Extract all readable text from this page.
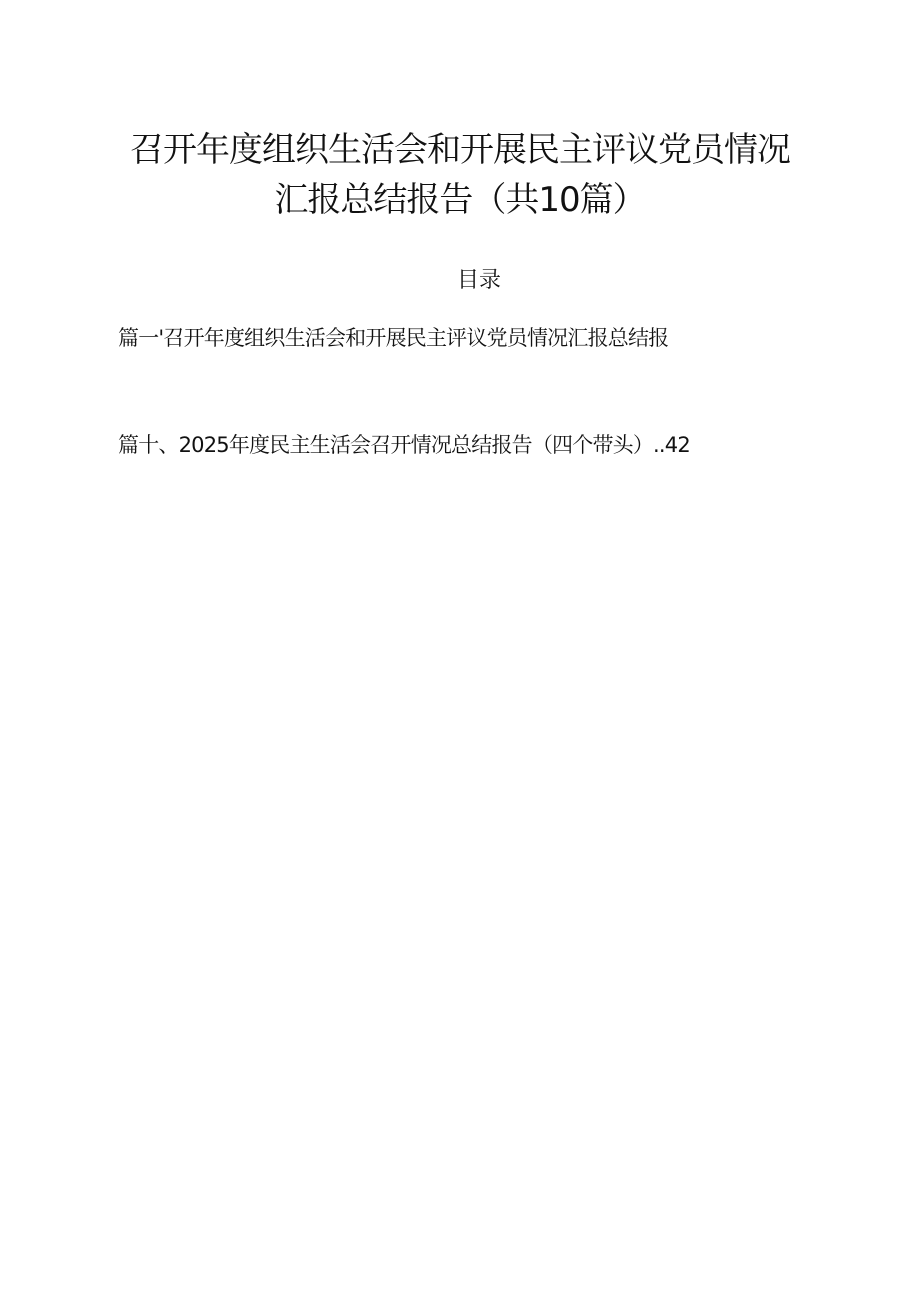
召开年度组织生活会和开展民主评议党员情况
汇报总结报告（共10篇）
目录
篇一'召开年度组织生活会和开展民主评议党员情况汇报总结报
篇十、2025年度民主生活会召开情况总结报告（四个带头）..42
